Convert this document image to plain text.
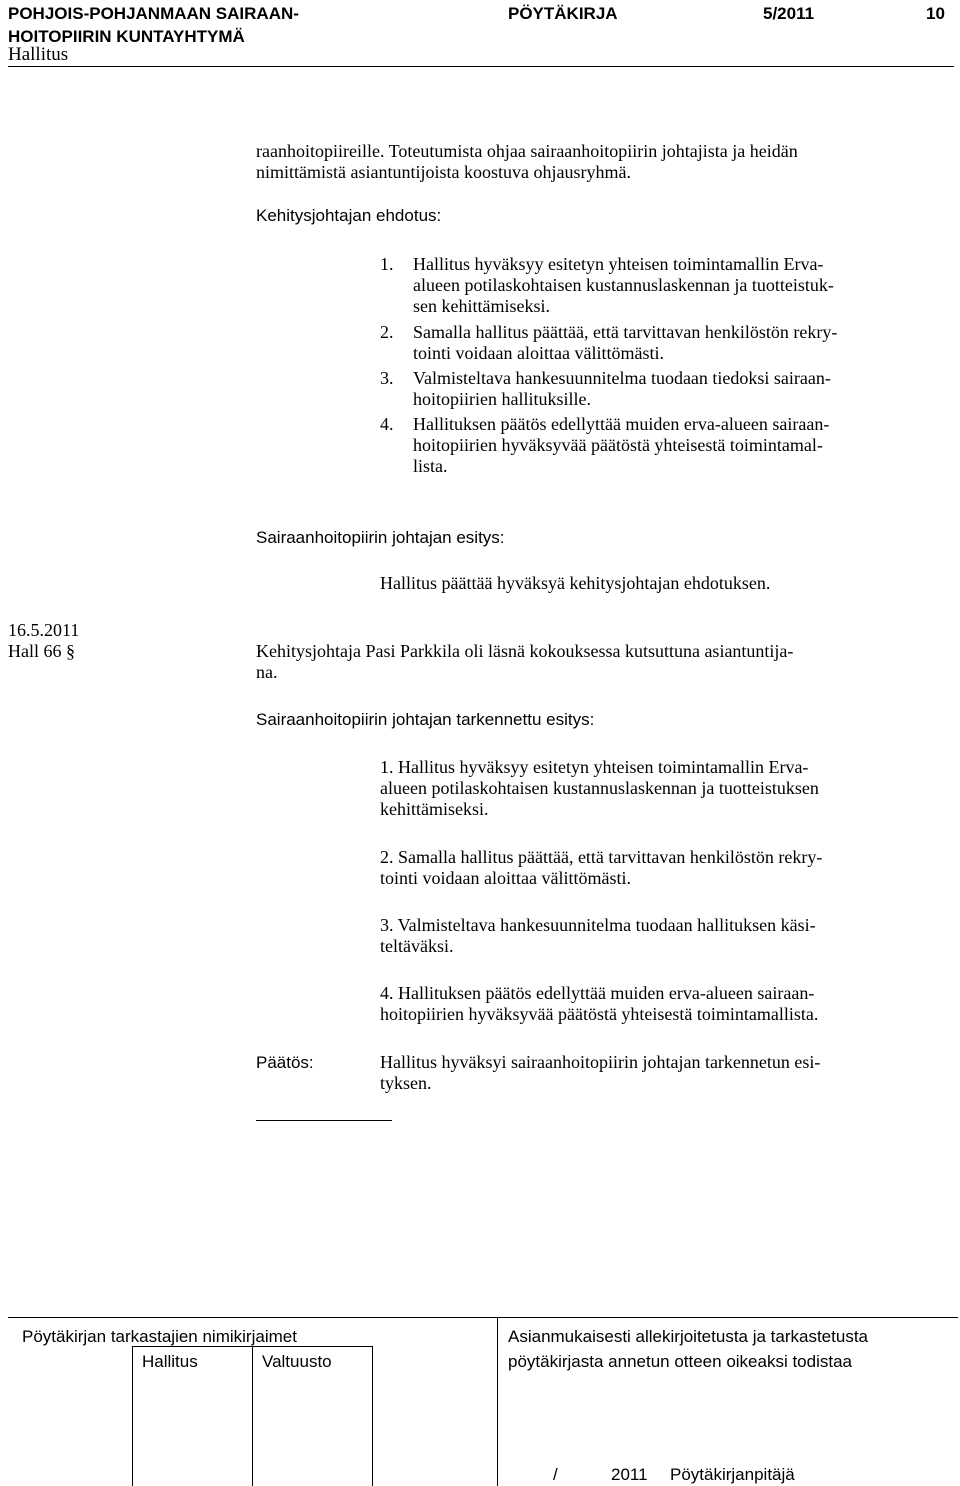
POHJOIS-POHJANMAAN SAIRAAN-
HOITOPIIRIN KUNTAYHTYMÄ
PÖYTÄKIRJA	5/2011	10
Hallitus
raanhoitopiireille. Toteutumista ohjaa sairaanhoitopiirin johtajista ja heidän
nimittämistä asiantuntijoista koostuva ohjausryhmä.
Kehitysjohtajan ehdotus:
1. Hallitus hyväksyy esitetyn yhteisen toimintamallin Erva-
alueen potilaskohtaisen kustannuslaskennan ja tuotteistuk-
sen kehittämiseksi.
2. Samalla hallitus päättää, että tarvittavan henkilöstön rekry-
tointi voidaan aloittaa välittömästi.
3. Valmisteltava hankesuunnitelma tuodaan tiedoksi sairaan-
hoitopiirien hallituksille.
4. Hallituksen päätös edellyttää muiden erva-alueen sairaan-
hoitopiirien hyväksyvää päätöstä yhteisestä toimintamal-
lista.
Sairaanhoitopiirin johtajan esitys:
Hallitus päättää hyväksyä kehitysjohtajan ehdotuksen.
16.5.2011
Hall 66 §	Kehitysjohtaja Pasi Parkkila oli läsnä kokouksessa kutsuttuna asiantuntija-
na.
Sairaanhoitopiirin johtajan tarkennettu esitys:
1. Hallitus hyväksyy esitetyn yhteisen toimintamallin Erva-
alueen potilaskohtaisen kustannuslaskennan ja tuotteistuksen
kehittämiseksi.
2. Samalla hallitus päättää, että tarvittavan henkilöstön rekry-
tointi voidaan aloittaa välittömästi.
3. Valmisteltava hankesuunnitelma tuodaan hallituksen käsi-
teltäväksi.
4. Hallituksen päätös edellyttää muiden erva-alueen sairaan-
hoitopiirien hyväksyvää päätöstä yhteisestä toimintamallista.
Päätös:	Hallitus hyväksyi sairaanhoitopiirin johtajan tarkennetun esi-
tyksen.
Pöytäkirjan tarkastajien nimikirjaimet
Hallitus	Valtuusto
Asianmukaisesti allekirjoitetusta ja tarkastetusta
pöytäkirjasta annetun otteen oikeaksi todistaa
/	2011 Pöytäkirjanpitäjä
